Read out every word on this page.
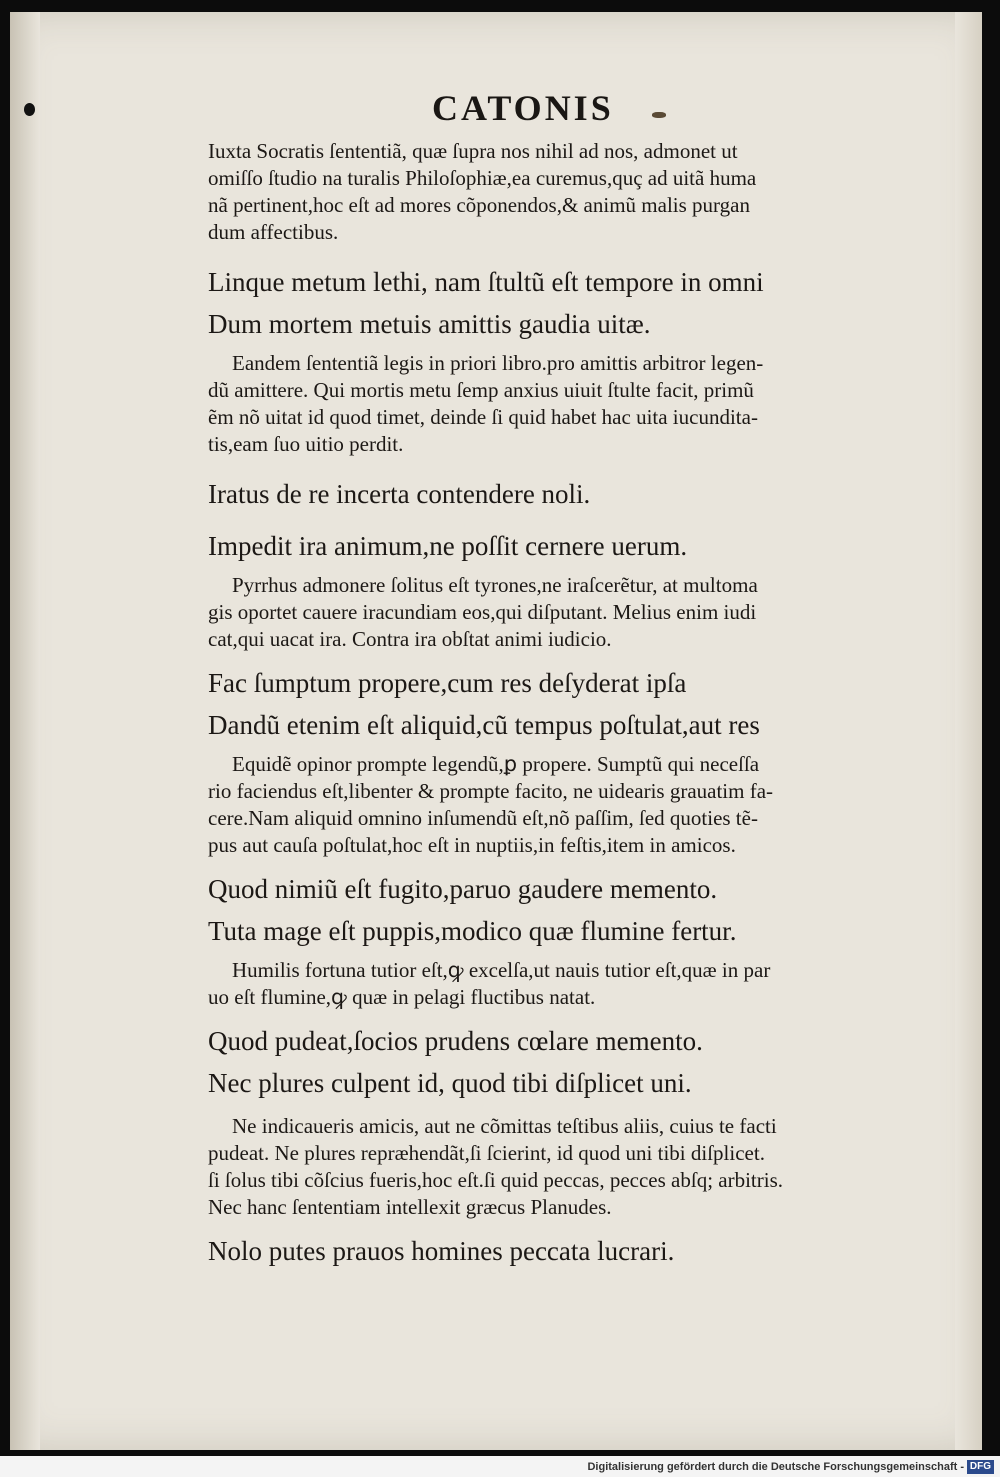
CATONIS
Iuxta Socratis ſententiã, quæ ſupra nos nihil ad nos, admonet ut
omiſſo ſtudio na turalis Philoſophiæ,ea curemus,quç ad uitã huma
nã pertinent,hoc eſt ad mores cõponendos,& animũ malis purgan
dum affectibus.

Linque metum lethi, nam ſtultũ eſt tempore in omni

Dum mortem metuis amittis gaudia uitæ.

Eandem ſententiã legis in priori libro.pro amittis arbitror legen-
dũ amittere. Qui mortis metu ſemp anxius uiuit ſtulte facit, primũ
ẽm nõ uitat id quod timet, deinde ſi quid habet hac uita iucundita-
tis,eam ſuo uitio perdit.

Iratus de re incerta contendere noli.

Impedit ira animum,ne poſſit cernere uerum.

Pyrrhus admonere ſolitus eſt tyrones,ne iraſcerẽtur, at multoma
gis oportet cauere iracundiam eos,qui diſputant. Melius enim iudi
cat,qui uacat ira. Contra ira obſtat animi iudicio.

Fac ſumptum propere,cum res deſyderat ipſa

Dandũ etenim eſt aliquid,cũ tempus poſtulat,aut res

Equidẽ opinor prompte legendũ,ꝑ propere. Sumptũ qui neceſſa
rio faciendus eſt,libenter & prompte facito, ne uidearis grauatim fa-
cere.Nam aliquid omnino inſumendũ eſt,nõ paſſim, ſed quoties tẽ-
pus aut cauſa poſtulat,hoc eſt in nuptiis,in feſtis,item in amicos.

Quod nimiũ eſt fugito,paruo gaudere memento.

Tuta mage eſt puppis,modico quæ flumine fertur.

Humilis fortuna tutior eſt,ꝙ excelſa,ut nauis tutior eſt,quæ in par
uo eſt flumine,ꝙ quæ in pelagi fluctibus natat.

Quod pudeat,ſocios prudens cœlare memento.

Nec plures culpent id, quod tibi diſplicet uni.

Ne indicaueris amicis, aut ne cõmittas teſtibus aliis, cuius te facti
pudeat. Ne plures repræhendãt,ſi ſcierint, id quod uni tibi diſplicet.
ſi ſolus tibi cõſcius fueris,hoc eſt.ſi quid peccas, pecces abſq; arbitris.
Nec hanc ſententiam intellexit græcus Planudes.

Nolo putes prauos homines peccata lucrari.

Digitalisierung gefördert durch die Deutsche Forschungsgemeinschaft - DFG
